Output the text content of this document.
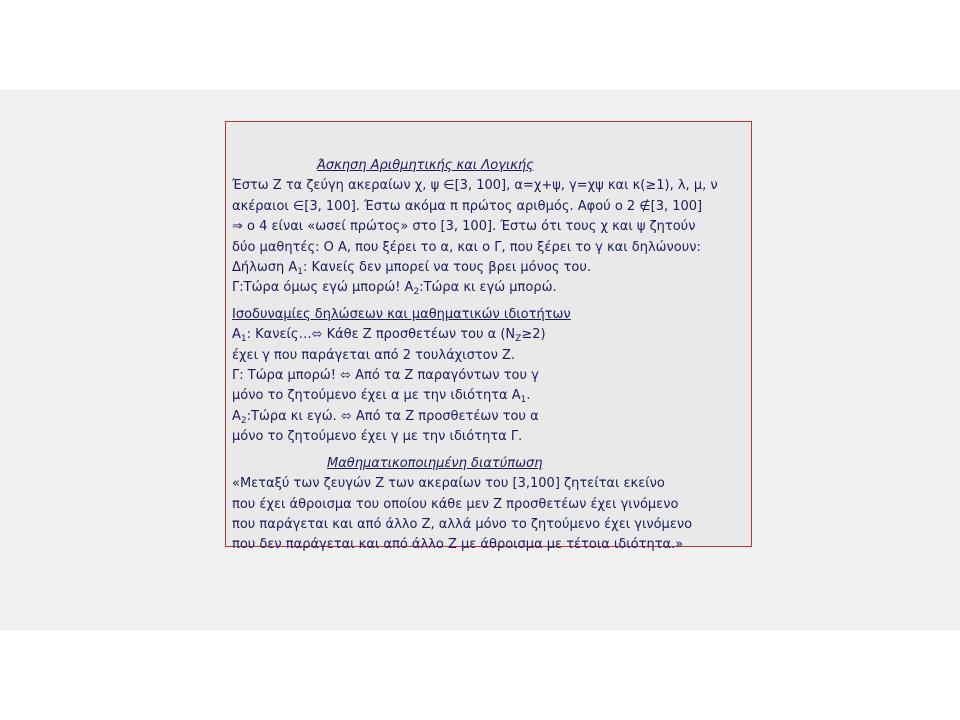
Άσκηση Αριθμητικής και Λογικής
Έστω Ζ τα ζεύγη ακεραίων χ, ψ ∈[3, 100], α=χ+ψ, γ=χψ και κ(≥1), λ, μ, ν
ακέραιοι ∈[3, 100]. Έστω ακόμα π πρώτος αριθμός. Αφού ο 2 ∉[3, 100]
⇒ ο 4 είναι «ωσεί πρώτος» στο [3, 100]. Έστω ότι τους χ και ψ ζητούν
δύο μαθητές: Ο Α, που ξέρει το α, και ο Γ, που ξέρει το γ και δηλώνουν:
Δήλωση $A_1$: Κανείς δεν μπορεί να τους βρει μόνος του.
Γ:Τώρα όμως εγώ μπορώ! $A_2:Tώ\rho\alpha$ κι εγώ μπορώ.
Ισοδυναμίες δηλώσεων και μαθηματικών ιδιοτήτων
$A_1$: Κανείς…⬄ Κάθε Ζ προσθετέων του α $(N_Z\ge 2)$
έχει γ που παράγεται από 2 τουλάχιστον Ζ.
Γ: Τώρα μπορώ! ⬄ Από τα Ζ παραγόντων του γ
μόνο το ζητούμενο έχει α με την ιδιότητα $A_1$.
$A_2:Tώ\rho\alpha$ κι εγώ. ⬄ Από τα Ζ προσθετέων του α
μόνο το ζητούμενο έχει γ με την ιδιότητα Γ.
Μαθηματικοποιημένη διατύπωση
«Μεταξύ των ζευγών Ζ των ακεραίων του [3,100] ζητείται εκείνο
που έχει άθροισμα του οποίου κάθε μεν Ζ προσθετέων έχει γινόμενο
που παράγεται και από άλλο Ζ, αλλά μόνο το ζητούμενο έχει γινόμενο
που δεν παράγεται και από άλλο Ζ με άθροισμα με τέτοια ιδιότητα.»
